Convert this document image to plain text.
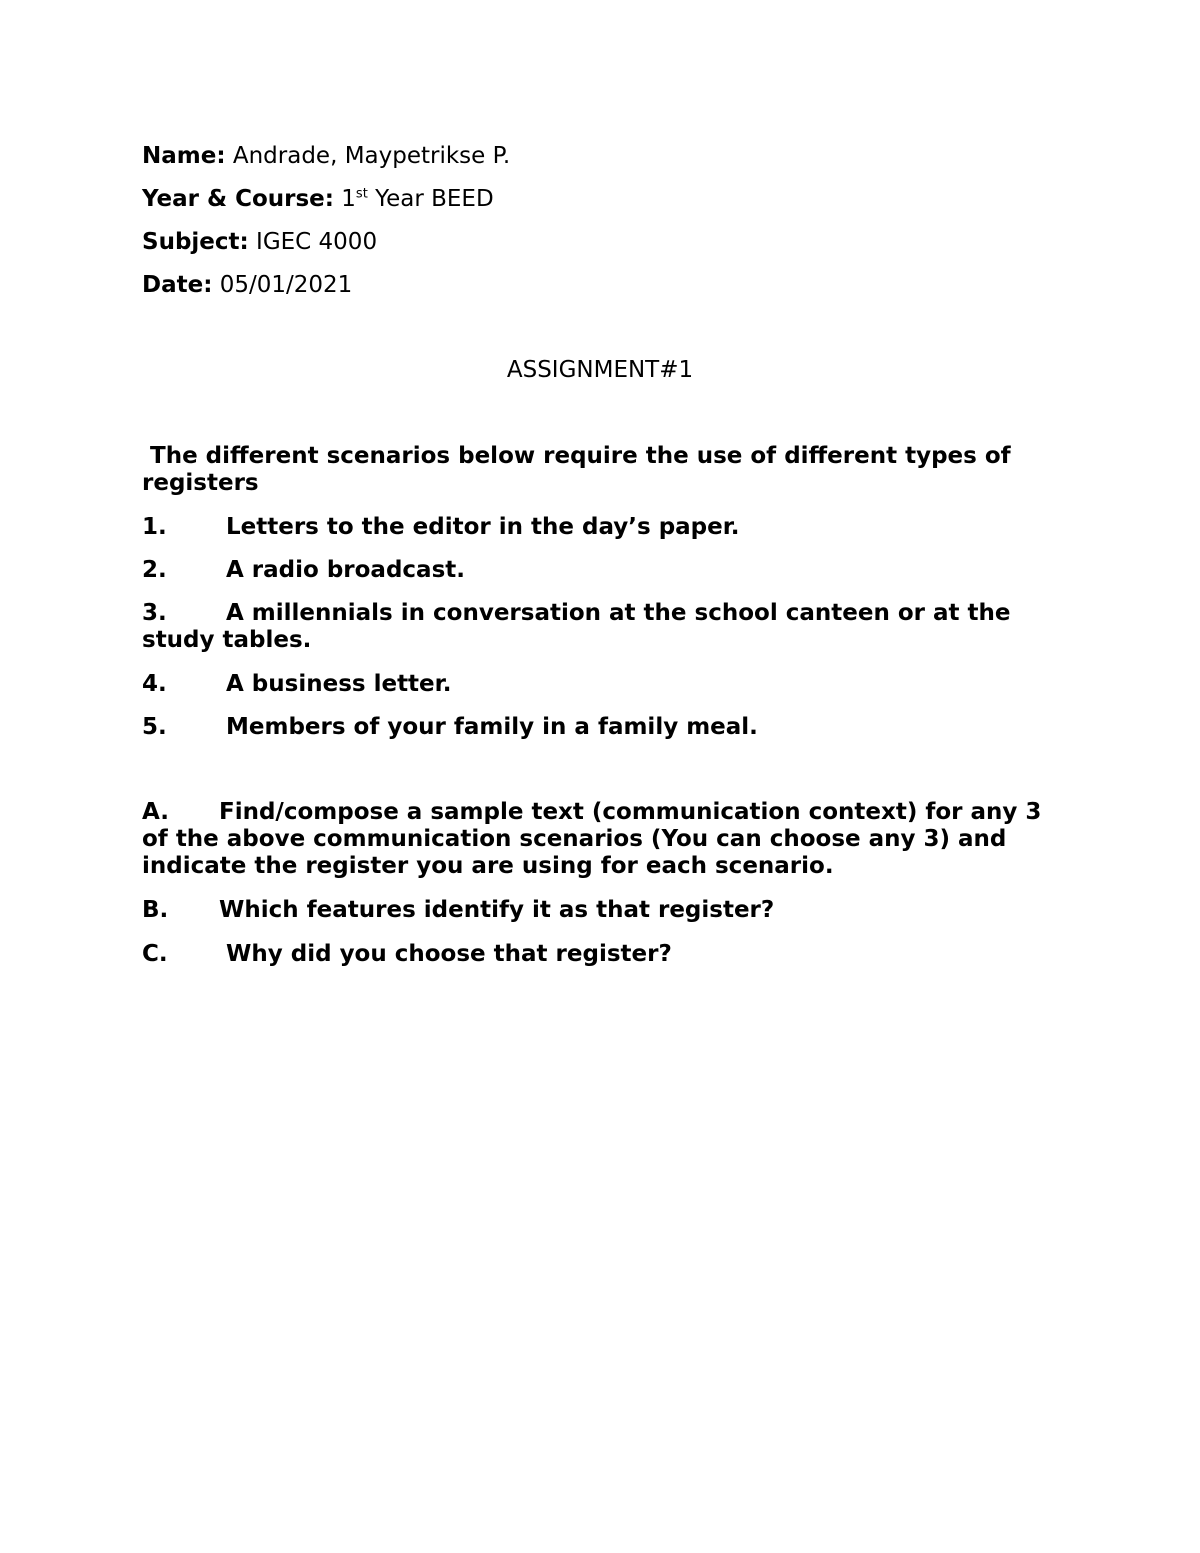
Name: Andrade, Maypetrikse P.
Year & Course: 1st Year BEED
Subject: IGEC 4000
Date: 05/01/2021
ASSIGNMENT#1
The different scenarios below require the use of different types of registers
1.	Letters to the editor in the day’s paper.
2.	A radio broadcast.
3.	A millennials in conversation at the school canteen or at the study tables.
4.	A business letter.
5.	Members of your family in a family meal.
A. Find/compose a sample text (communication context) for any 3 of the above communication scenarios (You can choose any 3) and indicate the register you are using for each scenario.
B. Which features identify it as that register?
C.	Why did you choose that register?
